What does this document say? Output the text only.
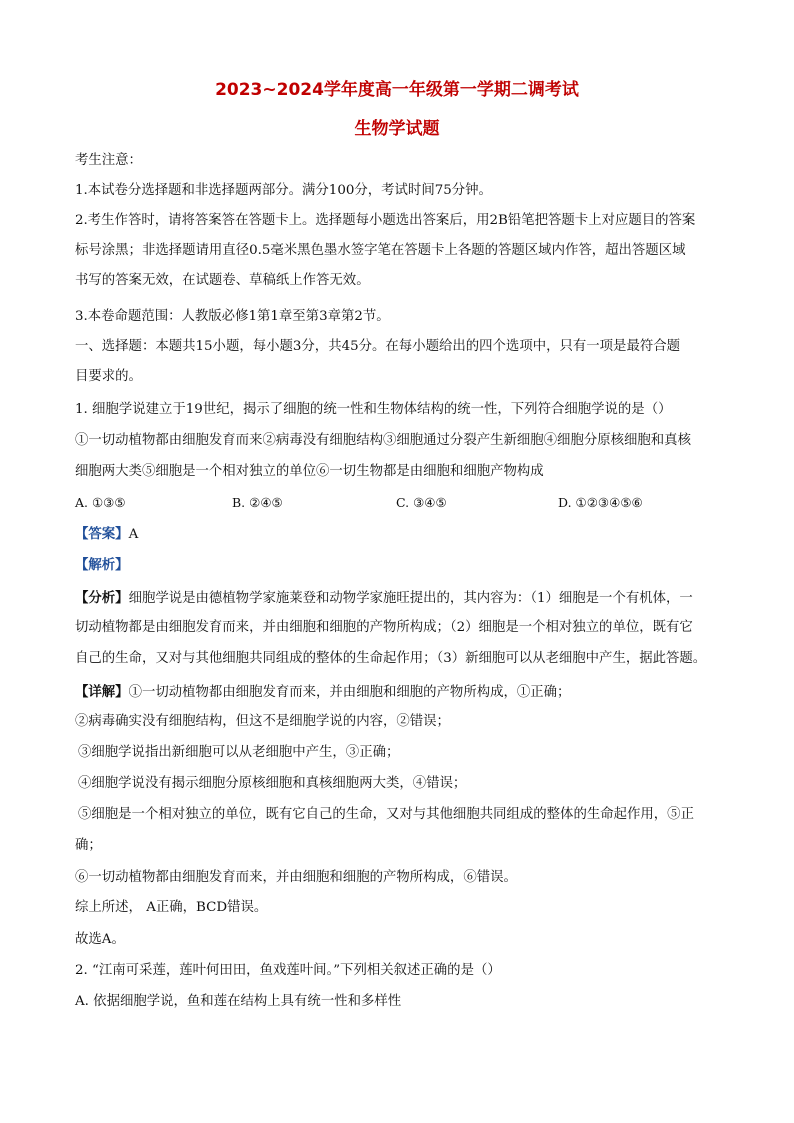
2023~2024学年度高一年级第一学期二调考试
生物学试题
考生注意：
1.本试卷分选择题和非选择题两部分。满分100分，考试时间75分钟。
2.考生作答时，请将答案答在答题卡上。选择题每小题选出答案后，用2B铅笔把答题卡上对应题目的答案
标号涂黑；非选择题请用直径0.5毫米黑色墨水签字笔在答题卡上各题的答题区域内作答，超出答题区域
书写的答案无效，在试题卷、草稿纸上作答无效。
3.本卷命题范围：人教版必修1第1章至第3章第2节。
一、选择题：本题共15小题，每小题3分，共45分。在每小题给出的四个选项中，只有一项是最符合题
目要求的。
1. 细胞学说建立于19世纪，揭示了细胞的统一性和生物体结构的统一性，下列符合细胞学说的是（）
①一切动植物都由细胞发育而来②病毒没有细胞结构③细胞通过分裂产生新细胞④细胞分原核细胞和真核
细胞两大类⑤细胞是一个相对独立的单位⑥一切生物都是由细胞和细胞产物构成
A. ①③⑤	B. ②④⑤	C. ③④⑤	D. ①②③④⑤⑥
【答案】A
【解析】
【分析】细胞学说是由德植物学家施莱登和动物学家施旺提出的，其内容为：（1）细胞是一个有机体，一
切动植物都是由细胞发育而来，并由细胞和细胞的产物所构成；（2）细胞是一个相对独立的单位，既有它
自己的生命，又对与其他细胞共同组成的整体的生命起作用；（3）新细胞可以从老细胞中产生，据此答题。
【详解】①一切动植物都由细胞发育而来，并由细胞和细胞的产物所构成，①正确；
②病毒确实没有细胞结构，但这不是细胞学说的内容，②错误；
③细胞学说指出新细胞可以从老细胞中产生，③正确；
④细胞学说没有揭示细胞分原核细胞和真核细胞两大类，④错误；
⑤细胞是一个相对独立的单位，既有它自己的生命，又对与其他细胞共同组成的整体的生命起作用，⑤正
确；
⑥一切动植物都由细胞发育而来，并由细胞和细胞的产物所构成，⑥错误。
综上所述， A正确，BCD错误。
故选A。
2. “江南可采莲，莲叶何田田，鱼戏莲叶间。”下列相关叙述正确的是（）
A. 依据细胞学说，鱼和莲在结构上具有统一性和多样性
